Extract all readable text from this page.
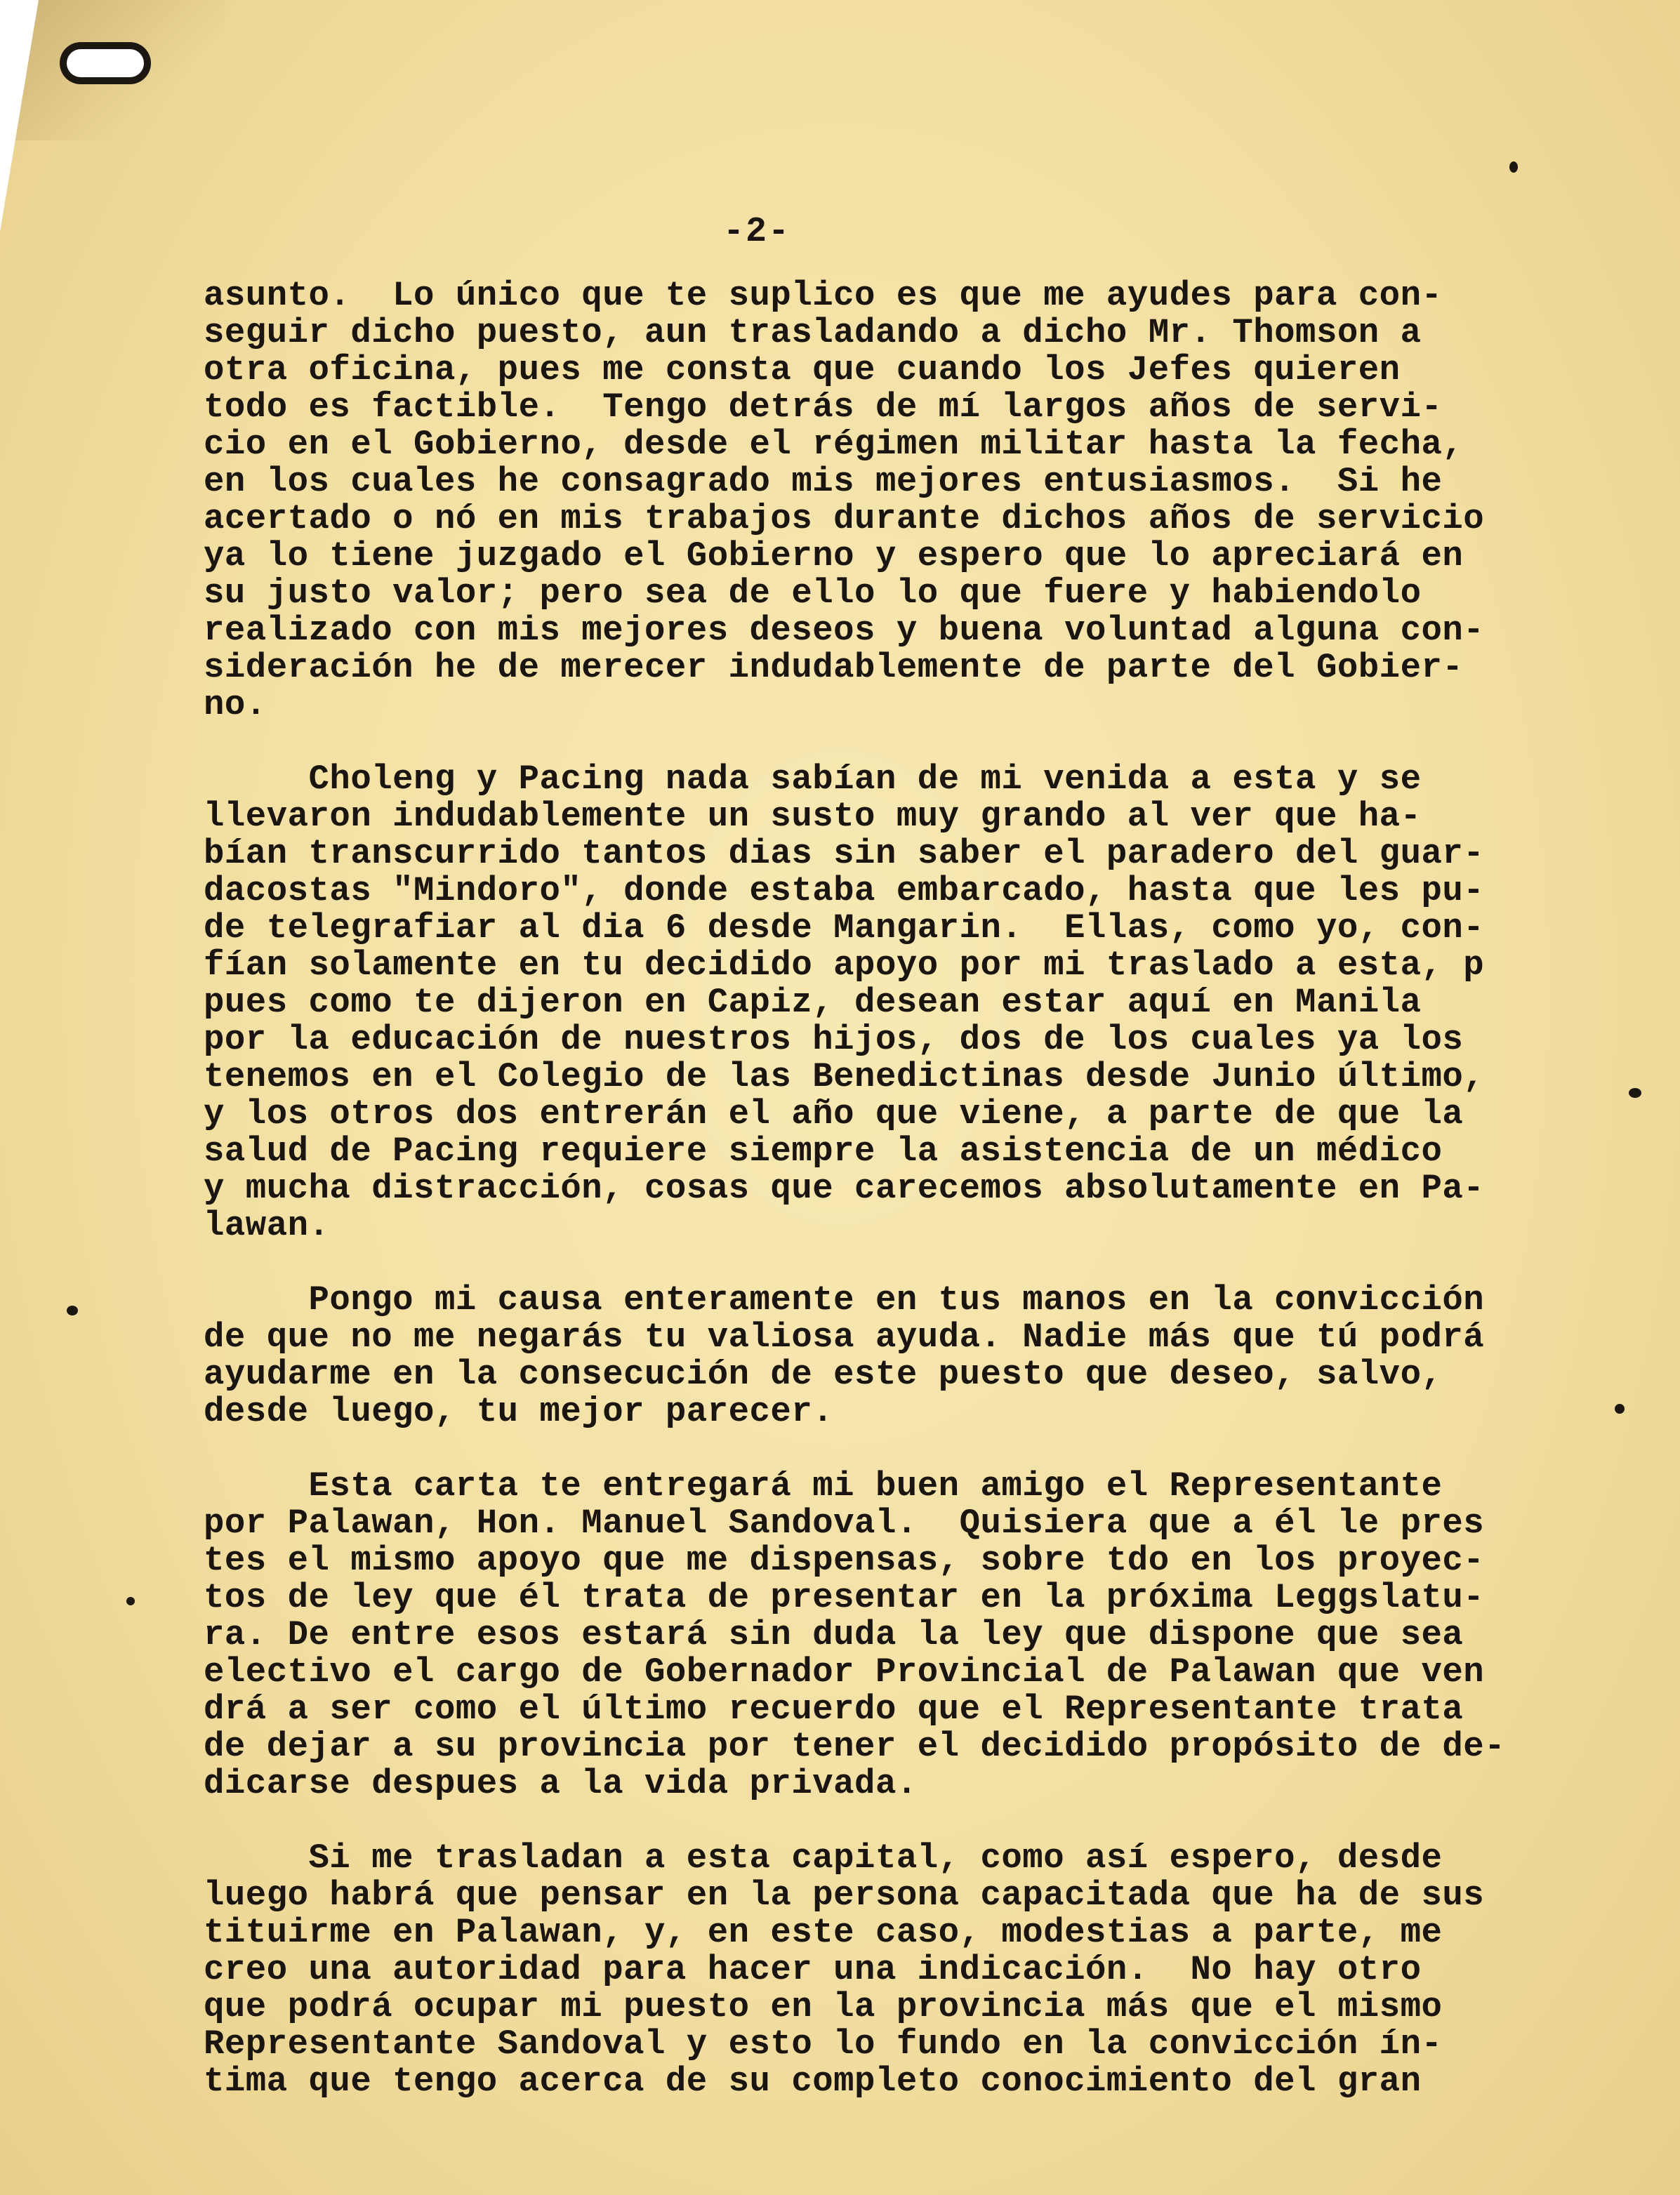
-2-
asunto.  Lo único que te suplico es que me ayudes para con-
seguir dicho puesto, aun trasladando a dicho Mr. Thomson a
otra oficina, pues me consta que cuando los Jefes quieren
todo es factible.  Tengo detrás de mí largos años de servi-
cio en el Gobierno, desde el régimen militar hasta la fecha,
en los cuales he consagrado mis mejores entusiasmos.  Si he
acertado o nó en mis trabajos durante dichos años de servicio
ya lo tiene juzgado el Gobierno y espero que lo apreciará en
su justo valor; pero sea de ello lo que fuere y habiendolo
realizado con mis mejores deseos y buena voluntad alguna con-
sideración he de merecer indudablemente de parte del Gobier-
no.
Choleng y Pacing nada sabían de mi venida a esta y se
llevaron indudablemente un susto muy grando al ver que ha-
bían transcurrido tantos dias sin saber el paradero del guar-
dacostas "Mindoro", donde estaba embarcado, hasta que les pu-
de telegrafiar al dia 6 desde Mangarin.  Ellas, como yo, con-
fían solamente en tu decidido apoyo por mi traslado a esta, p
pues como te dijeron en Capiz, desean estar aquí en Manila
por la educación de nuestros hijos, dos de los cuales ya los
tenemos en el Colegio de las Benedictinas desde Junio último,
y los otros dos entrerán el año que viene, a parte de que la
salud de Pacing requiere siempre la asistencia de un médico
y mucha distracción, cosas que carecemos absolutamente en Pa-
lawan.
Pongo mi causa enteramente en tus manos en la convicción
de que no me negarás tu valiosa ayuda. Nadie más que tú podrá
ayudarme en la consecución de este puesto que deseo, salvo,
desde luego, tu mejor parecer.
Esta carta te entregará mi buen amigo el Representante
por Palawan, Hon. Manuel Sandoval.  Quisiera que a él le pres
tes el mismo apoyo que me dispensas, sobre tdo en los proyec-
tos de ley que él trata de presentar en la próxima Leggslatu-
ra. De entre esos estará sin duda la ley que dispone que sea
electivo el cargo de Gobernador Provincial de Palawan que ven
drá a ser como el último recuerdo que el Representante trata
de dejar a su provincia por tener el decidido propósito de de-
dicarse despues a la vida privada.
Si me trasladan a esta capital, como así espero, desde
luego habrá que pensar en la persona capacitada que ha de sus
tituirme en Palawan, y, en este caso, modestias a parte, me
creo una autoridad para hacer una indicación.  No hay otro
que podrá ocupar mi puesto en la provincia más que el mismo
Representante Sandoval y esto lo fundo en la convicción ín-
tima que tengo acerca de su completo conocimiento del gran
